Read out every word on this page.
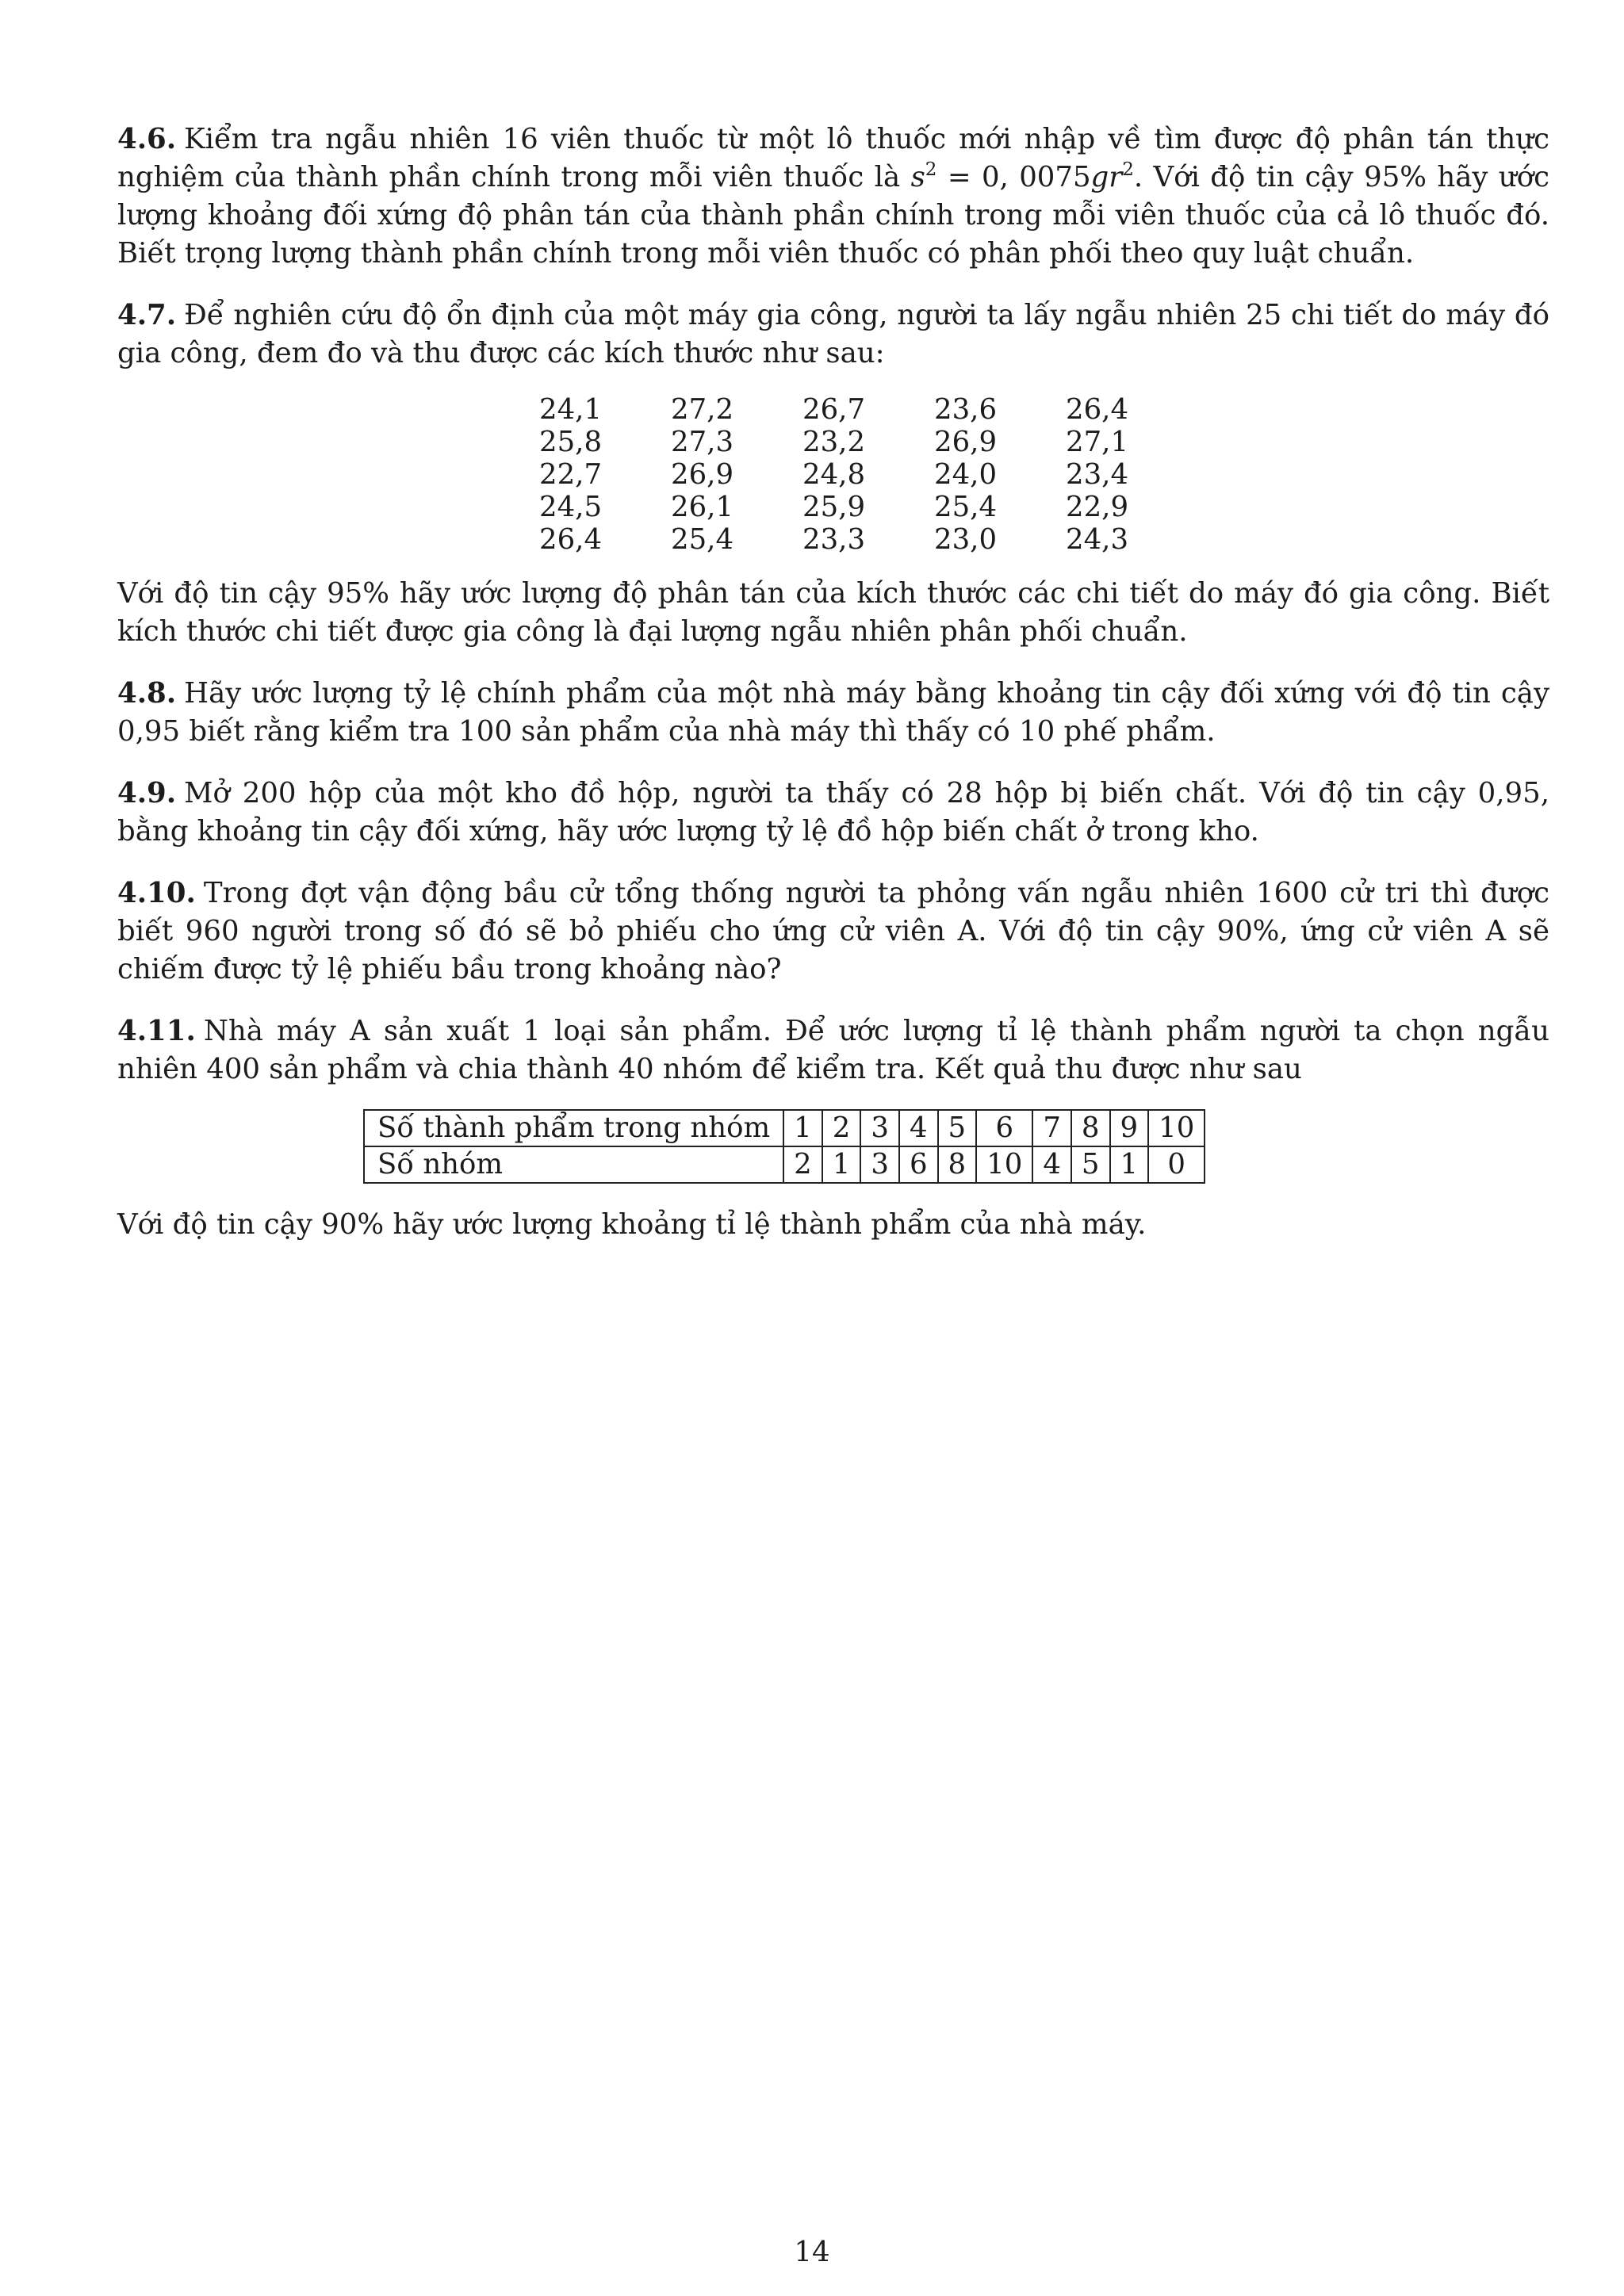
4.6. Kiểm tra ngẫu nhiên 16 viên thuốc từ một lô thuốc mới nhập về tìm được độ phân tán thực nghiệm của thành phần chính trong mỗi viên thuốc là $s^2 = 0$, $0075gr^2$. Với độ tin cậy 95% hãy ước lượng khoảng đối xứng độ phân tán của thành phần chính trong mỗi viên thuốc của cả lô thuốc đó. Biết trọng lượng thành phần chính trong mỗi viên thuốc có phân phối theo quy luật chuẩn.

4.7. Để nghiên cứu độ ổn định của một máy gia công, người ta lấy ngẫu nhiên 25 chi tiết do máy đó gia công, đem đo và thu được các kích thước như sau:
24,1	27,2	26,7	23,6	26,4
25,8	27,3	23,2	26,9	27,1
22,7	26,9	24,8	24,0	23,4
24,5	26,1	25,9	25,4	22,9
26,4	25,4	23,3	23,0	24,3
Với độ tin cậy 95% hãy ước lượng độ phân tán của kích thước các chi tiết do máy đó gia công. Biết kích thước chi tiết được gia công là đại lượng ngẫu nhiên phân phối chuẩn.

4.8. Hãy ước lượng tỷ lệ chính phẩm của một nhà máy bằng khoảng tin cậy đối xứng với độ tin cậy 0,95 biết rằng kiểm tra 100 sản phẩm của nhà máy thì thấy có 10 phế phẩm.

4.9. Mở 200 hộp của một kho đồ hộp, người ta thấy có 28 hộp bị biến chất. Với độ tin cậy 0,95, bằng khoảng tin cậy đối xứng, hãy ước lượng tỷ lệ đồ hộp biến chất ở trong kho.

4.10. Trong đợt vận động bầu cử tổng thống người ta phỏng vấn ngẫu nhiên 1600 cử tri thì được biết 960 người trong số đó sẽ bỏ phiếu cho ứng cử viên A. Với độ tin cậy 90%, ứng cử viên A sẽ chiếm được tỷ lệ phiếu bầu trong khoảng nào?

4.11. Nhà máy A sản xuất 1 loại sản phẩm. Để ước lượng tỉ lệ thành phẩm người ta chọn ngẫu nhiên 400 sản phẩm và chia thành 40 nhóm để kiểm tra. Kết quả thu được như sau
Số thành phẩm trong nhóm	1	2	3	4	5	6	7	8	9	10
Số nhóm	2	1	3	6	8	10	4	5	1	0
Với độ tin cậy 90% hãy ước lượng khoảng tỉ lệ thành phẩm của nhà máy.
14
